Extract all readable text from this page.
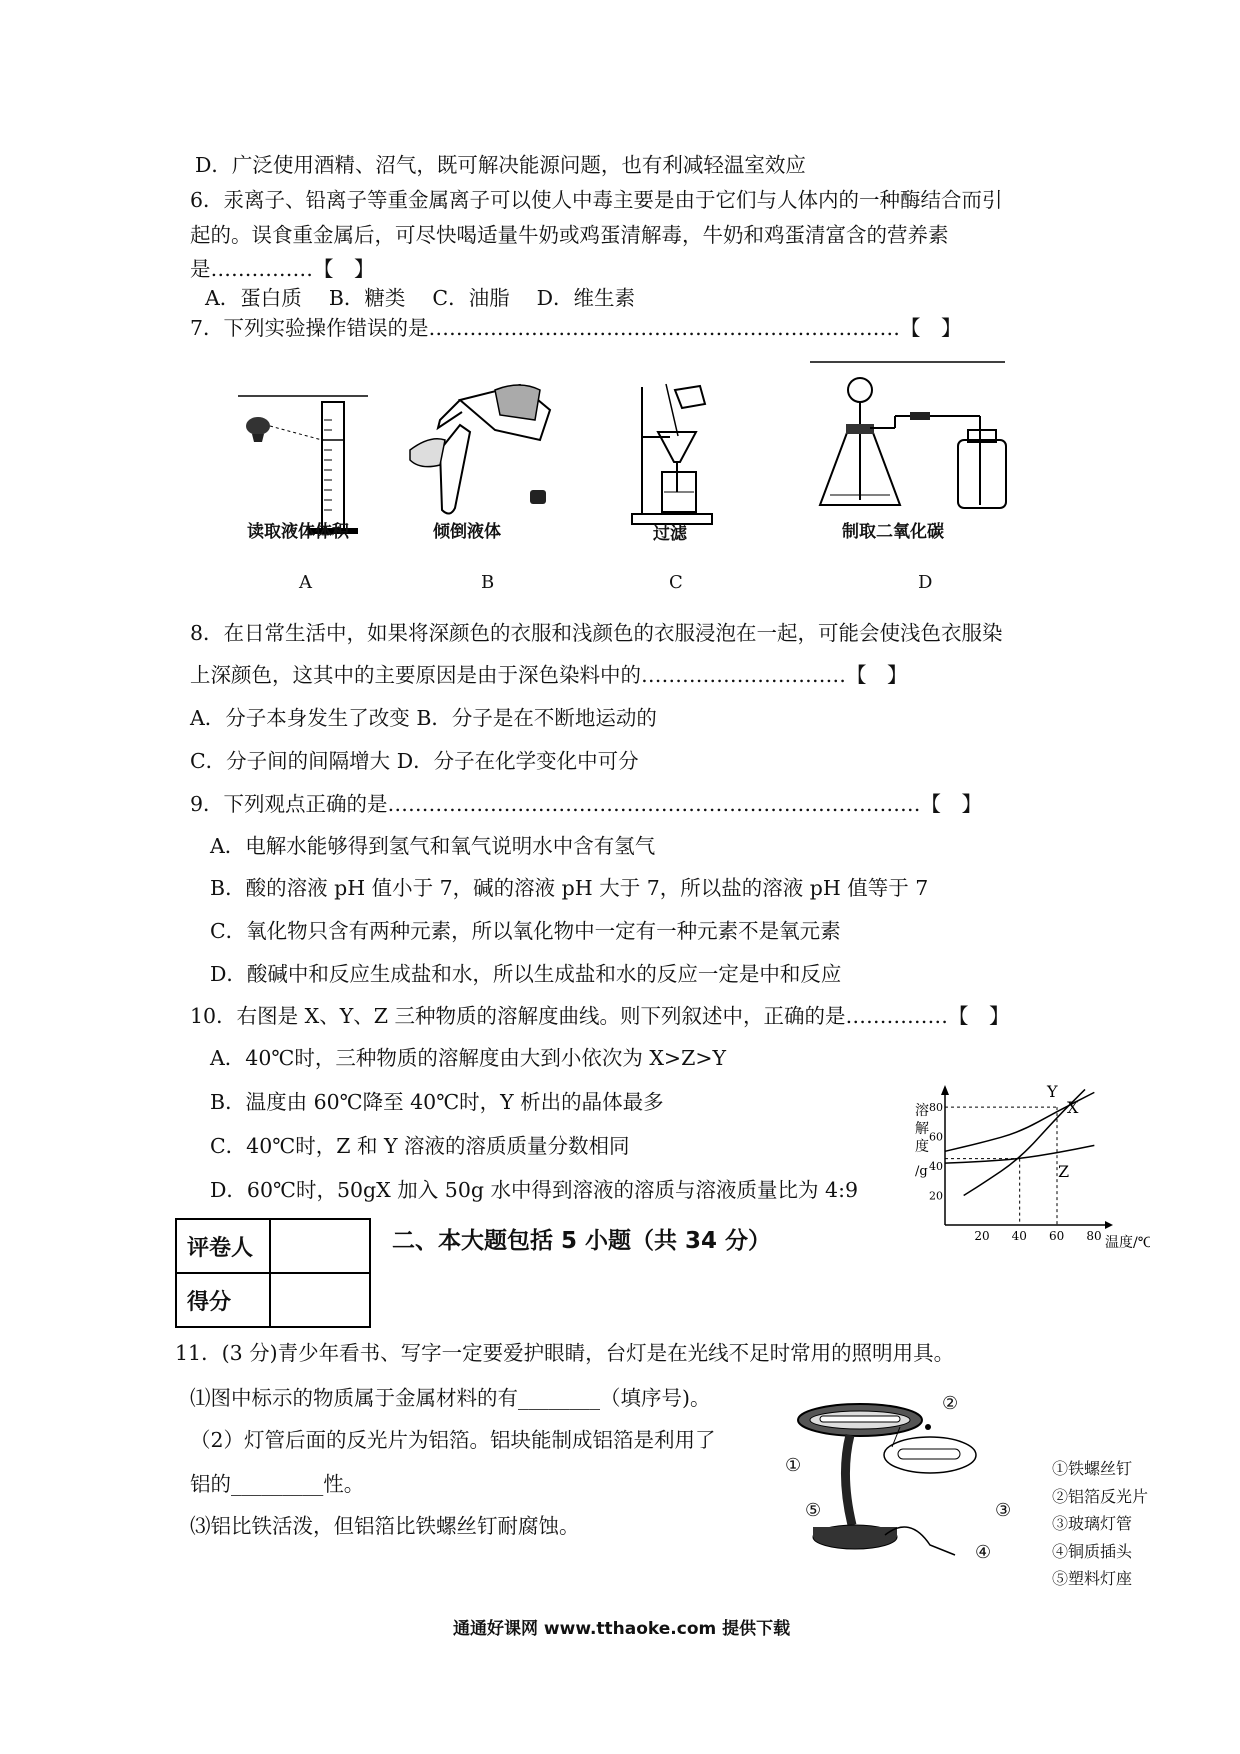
D．广泛使用酒精、沼气，既可解决能源问题，也有利减轻温室效应
6．汞离子、铅离子等重金属离子可以使人中毒主要是由于它们与人体内的一种酶结合而引
起的。误食重金属后，可尽快喝适量牛奶或鸡蛋清解毒，牛奶和鸡蛋清富含的营养素
是……………【　】
A．蛋白质　 B．糖类　 C．油脂　 D．维生素
7．下列实验操作错误的是……………………………………………………………【　】
读取液体体积	倾倒液体	过滤	制取二氧化碳
A	B	C	D
8．在日常生活中，如果将深颜色的衣服和浅颜色的衣服浸泡在一起，可能会使浅色衣服染
上深颜色，这其中的主要原因是由于深色染料中的…………………………【　】
A．分子本身发生了改变 B．分子是在不断地运动的
C．分子间的间隔增大 D．分子在化学变化中可分
9．下列观点正确的是……………………………………………………………………【　】
A．电解水能够得到氢气和氧气说明水中含有氢气
B．酸的溶液 pH 值小于 7，碱的溶液 pH 大于 7，所以盐的溶液 pH 值等于 7
C．氧化物只含有两种元素，所以氧化物中一定有一种元素不是氧元素
D．酸碱中和反应生成盐和水，所以生成盐和水的反应一定是中和反应
10．右图是 X、Y、Z 三种物质的溶解度曲线。则下列叙述中，正确的是……………【　】
A．40℃时，三种物质的溶解度由大到小依次为 X>Z>Y
B．温度由 60℃降至 40℃时，Y 析出的晶体最多
C．40℃时，Z 和 Y 溶液的溶质质量分数相同
D．60℃时，50gX 加入 50g 水中得到溶液的溶质与溶液质量比为 4:9
20 40 60 80
20
40
60
80
溶
解
度
/g
温度/℃
Y
X
Z
评卷人	
得分	
二、本大题包括 5 小题（共 34 分）
11．(3 分)青少年看书、写字一定要爱护眼睛，台灯是在光线不足时常用的照明用具。
⑴图中标示的物质属于金属材料的有________（填序号)。
（2）灯管后面的反光片为铝箔。铝块能制成铝箔是利用了
铝的_________性。
⑶铝比铁活泼，但铝箔比铁螺丝钉耐腐蚀。
②
①
③
⑤
④
①铁螺丝钉
②铝箔反光片
③玻璃灯管
④铜质插头
⑤塑料灯座
通通好课网 www.tthaoke.com 提供下载
